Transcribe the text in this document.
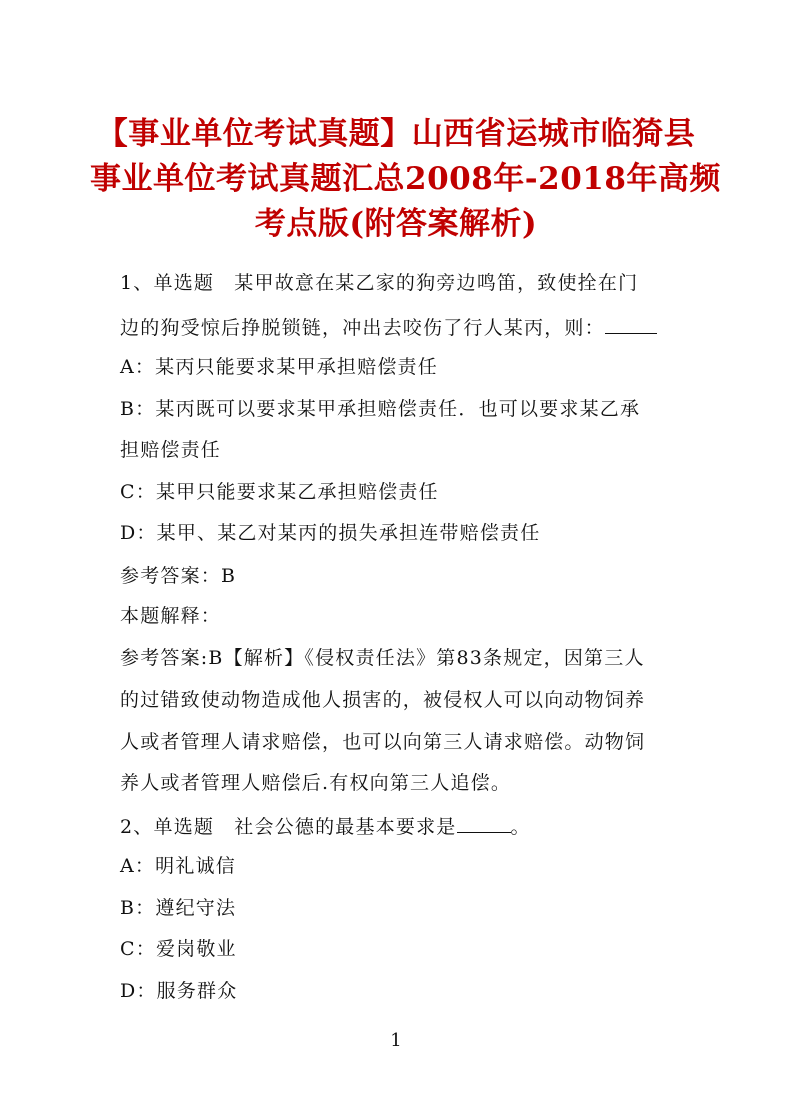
【事业单位考试真题】山西省运城市临猗县
事业单位考试真题汇总2008年-2018年高频
考点版(附答案解析)
1、单选题　某甲故意在某乙家的狗旁边鸣笛，致使拴在门
边的狗受惊后挣脱锁链，冲出去咬伤了行人某丙，则：
A：某丙只能要求某甲承担赔偿责任
B：某丙既可以要求某甲承担赔偿责任．也可以要求某乙承
担赔偿责任
C：某甲只能要求某乙承担赔偿责任
D：某甲、某乙对某丙的损失承担连带赔偿责任
参考答案：B
本题解释：
参考答案:B【解析】《侵权责任法》第83条规定，因第三人
的过错致使动物造成他人损害的，被侵权人可以向动物饲养
人或者管理人请求赔偿，也可以向第三人请求赔偿。动物饲
养人或者管理人赔偿后.有权向第三人追偿。
2、单选题　社会公德的最基本要求是	。
A：明礼诚信
B：遵纪守法
C：爱岗敬业
D：服务群众
1
